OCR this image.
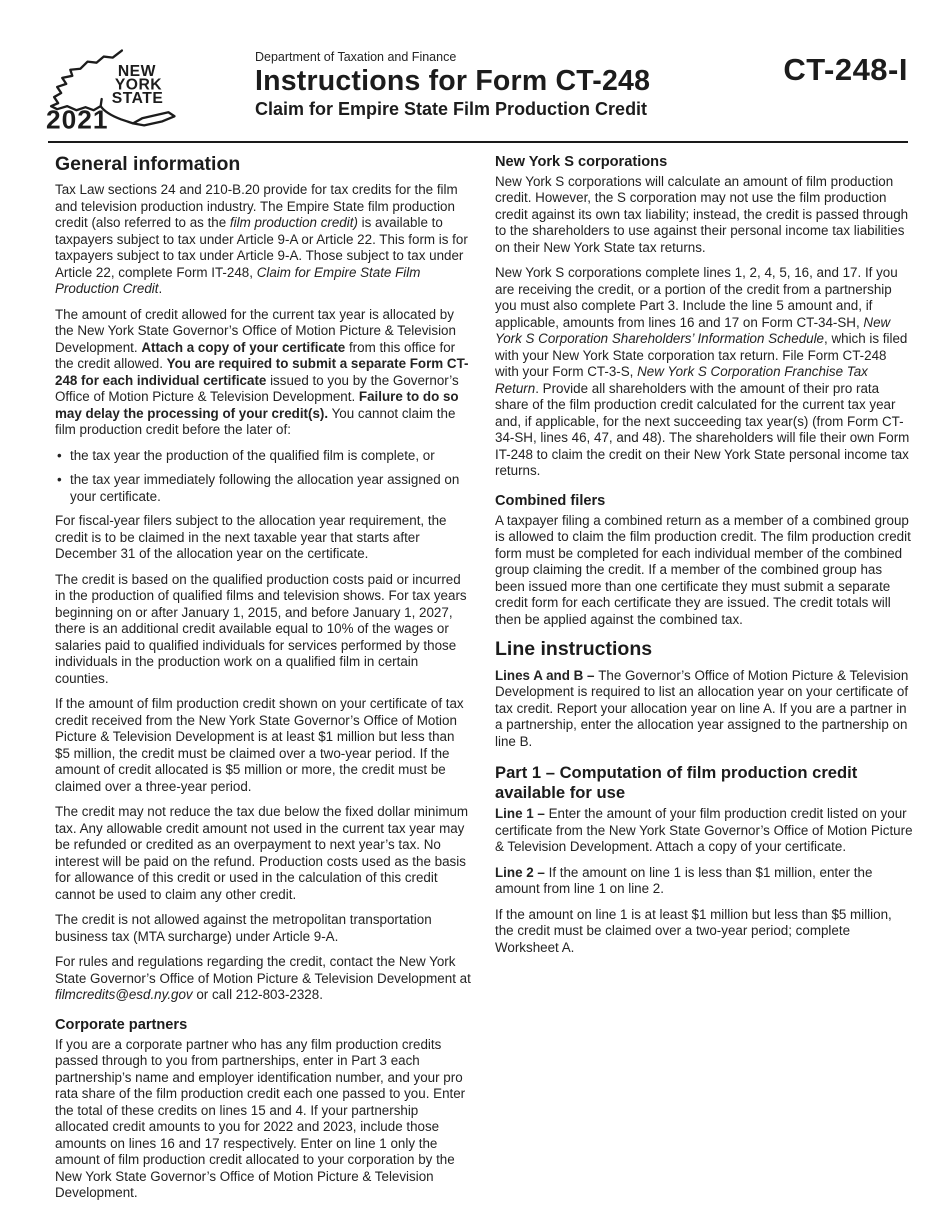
NEW
YORK
STATE
2021
Department of Taxation and Finance
Instructions for Form CT-248
Claim for Empire State Film Production Credit
CT-248-I
General information

Tax Law sections 24 and 210-B.20 provide for tax credits for the film and television production industry. The Empire State film production credit (also referred to as the film production credit) is available to taxpayers subject to tax under Article 9-A or Article 22. This form is for taxpayers subject to tax under Article 9-A. Those subject to tax under Article 22, complete Form IT-248, Claim for Empire State Film Production Credit.

The amount of credit allowed for the current tax year is allocated by the New York State Governor’s Office of Motion Picture & Television Development. Attach a copy of your certificate from this office for the credit allowed. You are required to submit a separate Form CT-248 for each individual certificate issued to you by the Governor’s Office of Motion Picture & Television Development. Failure to do so may delay the processing of your credit(s). You cannot claim the film production credit before the later of:

• the tax year the production of the qualified film is complete, or
• the tax year immediately following the allocation year assigned on your certificate.

For fiscal-year filers subject to the allocation year requirement, the credit is to be claimed in the next taxable year that starts after December 31 of the allocation year on the certificate.

The credit is based on the qualified production costs paid or incurred in the production of qualified films and television shows. For tax years beginning on or after January 1, 2015, and before January 1, 2027, there is an additional credit available equal to 10% of the wages or salaries paid to qualified individuals for services performed by those individuals in the production work on a qualified film in certain counties.

If the amount of film production credit shown on your certificate of tax credit received from the New York State Governor’s Office of Motion Picture & Television Development is at least $1 million but less than $5 million, the credit must be claimed over a two-year period. If the amount of credit allocated is $5 million or more, the credit must be claimed over a three-year period.

The credit may not reduce the tax due below the fixed dollar minimum tax. Any allowable credit amount not used in the current tax year may be refunded or credited as an overpayment to next year’s tax. No interest will be paid on the refund. Production costs used as the basis for allowance of this credit or used in the calculation of this credit cannot be used to claim any other credit.

The credit is not allowed against the metropolitan transportation business tax (MTA surcharge) under Article 9-A.

For rules and regulations regarding the credit, contact the New York State Governor’s Office of Motion Picture & Television Development at filmcredits@esd.ny.gov or call 212-803-2328.

Corporate partners

If you are a corporate partner who has any film production credits passed through to you from partnerships, enter in Part 3 each partnership’s name and employer identification number, and your pro rata share of the film production credit each one passed to you. Enter the total of these credits on lines 15 and 4. If your partnership allocated credit amounts to you for 2022 and 2023, include those amounts on lines 16 and 17 respectively. Enter on line 1 only the amount of film production credit allocated to your corporation by the New York State Governor’s Office of Motion Picture & Television Development.

New York S corporations

New York S corporations will calculate an amount of film production credit. However, the S corporation may not use the film production credit against its own tax liability; instead, the credit is passed through to the shareholders to use against their personal income tax liabilities on their New York State tax returns.

New York S corporations complete lines 1, 2, 4, 5, 16, and 17. If you are receiving the credit, or a portion of the credit from a partnership you must also complete Part 3. Include the line 5 amount and, if applicable, amounts from lines 16 and 17 on Form CT-34-SH, New York S Corporation Shareholders’ Information Schedule, which is filed with your New York State corporation tax return. File Form CT-248 with your Form CT-3-S, New York S Corporation Franchise Tax Return. Provide all shareholders with the amount of their pro rata share of the film production credit calculated for the current tax year and, if applicable, for the next succeeding tax year(s) (from Form CT-34-SH, lines 46, 47, and 48). The shareholders will file their own Form IT-248 to claim the credit on their New York State personal income tax returns.

Combined filers

A taxpayer filing a combined return as a member of a combined group is allowed to claim the film production credit. The film production credit form must be completed for each individual member of the combined group claiming the credit. If a member of the combined group has been issued more than one certificate they must submit a separate credit form for each certificate they are issued. The credit totals will then be applied against the combined tax.

Line instructions

Lines A and B – The Governor’s Office of Motion Picture & Television Development is required to list an allocation year on your certificate of tax credit. Report your allocation year on line A. If you are a partner in a partnership, enter the allocation year assigned to the partnership on line B.

Part 1 – Computation of film production credit available for use

Line 1 – Enter the amount of your film production credit listed on your certificate from the New York State Governor’s Office of Motion Picture & Television Development. Attach a copy of your certificate.

Line 2 – If the amount on line 1 is less than $1 million, enter the amount from line 1 on line 2.

If the amount on line 1 is at least $1 million but less than $5 million, the credit must be claimed over a two-year period; complete Worksheet A.
